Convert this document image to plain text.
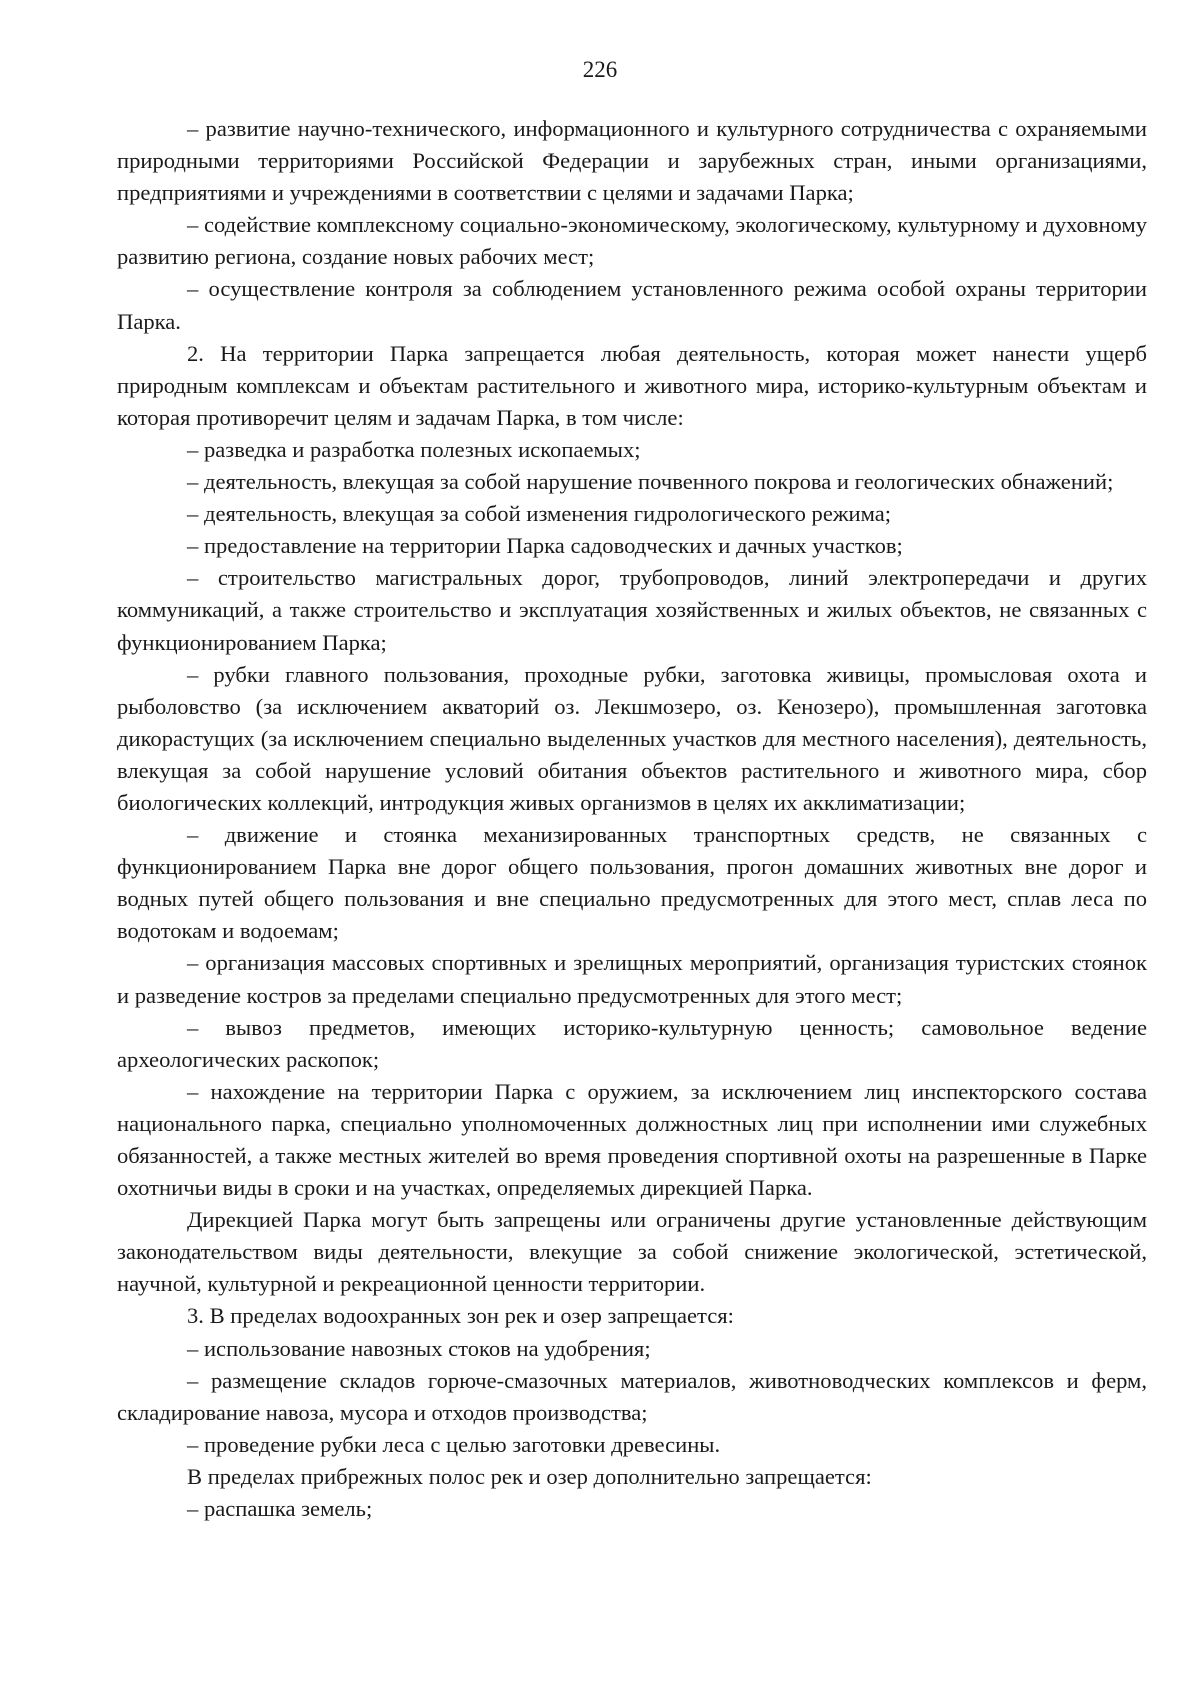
226

– развитие научно-технического, информационного и культурного сотрудничества с охраняемыми природными территориями Российской Федерации и зарубежных стран, иными организациями, предприятиями и учреждениями в соответствии с целями и задачами Парка;

– содействие комплексному социально-экономическому, экологическому, культурному и духовному развитию региона, создание новых рабочих мест;

– осуществление контроля за соблюдением установленного режима особой охраны территории Парка.

2. На территории Парка запрещается любая деятельность, которая может нанести ущерб природным комплексам и объектам растительного и животного мира, историко-культурным объектам и которая противоречит целям и задачам Парка, в том числе:

– разведка и разработка полезных ископаемых;

– деятельность, влекущая за собой нарушение почвенного покрова и геологических обнажений;

– деятельность, влекущая за собой изменения гидрологического режима;

– предоставление на территории Парка садоводческих и дачных участков;

– строительство магистральных дорог, трубопроводов, линий электропередачи и других коммуникаций, а также строительство и эксплуатация хозяйственных и жилых объектов, не связанных с функционированием Парка;

– рубки главного пользования, проходные рубки, заготовка живицы, промысловая охота и рыболовство (за исключением акваторий оз. Лекшмозеро, оз. Кенозеро), промышленная заготовка дикорастущих (за исключением специально выделенных участков для местного населения), деятельность, влекущая за собой нарушение условий обитания объектов растительного и животного мира, сбор биологических коллекций, интродукция живых организмов в целях их акклиматизации;

– движение и стоянка механизированных транспортных средств, не связанных с функционированием Парка вне дорог общего пользования, прогон домашних животных вне дорог и водных путей общего пользования и вне специально предусмотренных для этого мест, сплав леса по водотокам и водоемам;

– организация массовых спортивных и зрелищных мероприятий, организация туристских стоянок и разведение костров за пределами специально предусмотренных для этого мест;

– вывоз предметов, имеющих историко-культурную ценность; самовольное ведение археологических раскопок;

– нахождение на территории Парка с оружием, за исключением лиц инспекторского состава национального парка, специально уполномоченных должностных лиц при исполнении ими служебных обязанностей, а также местных жителей во время проведения спортивной охоты на разрешенные в Парке охотничьи виды в сроки и на участках, определяемых дирекцией Парка.

Дирекцией Парка могут быть запрещены или ограничены другие установленные действующим законодательством виды деятельности, влекущие за собой снижение экологической, эстетической, научной, культурной и рекреационной ценности территории.

3. В пределах водоохранных зон рек и озер запрещается:

– использование навозных стоков на удобрения;

– размещение складов горюче-смазочных материалов, животноводческих комплексов и ферм, складирование навоза, мусора и отходов производства;

– проведение рубки леса с целью заготовки древесины.

В пределах прибрежных полос рек и озер дополнительно запрещается:

– распашка земель;
